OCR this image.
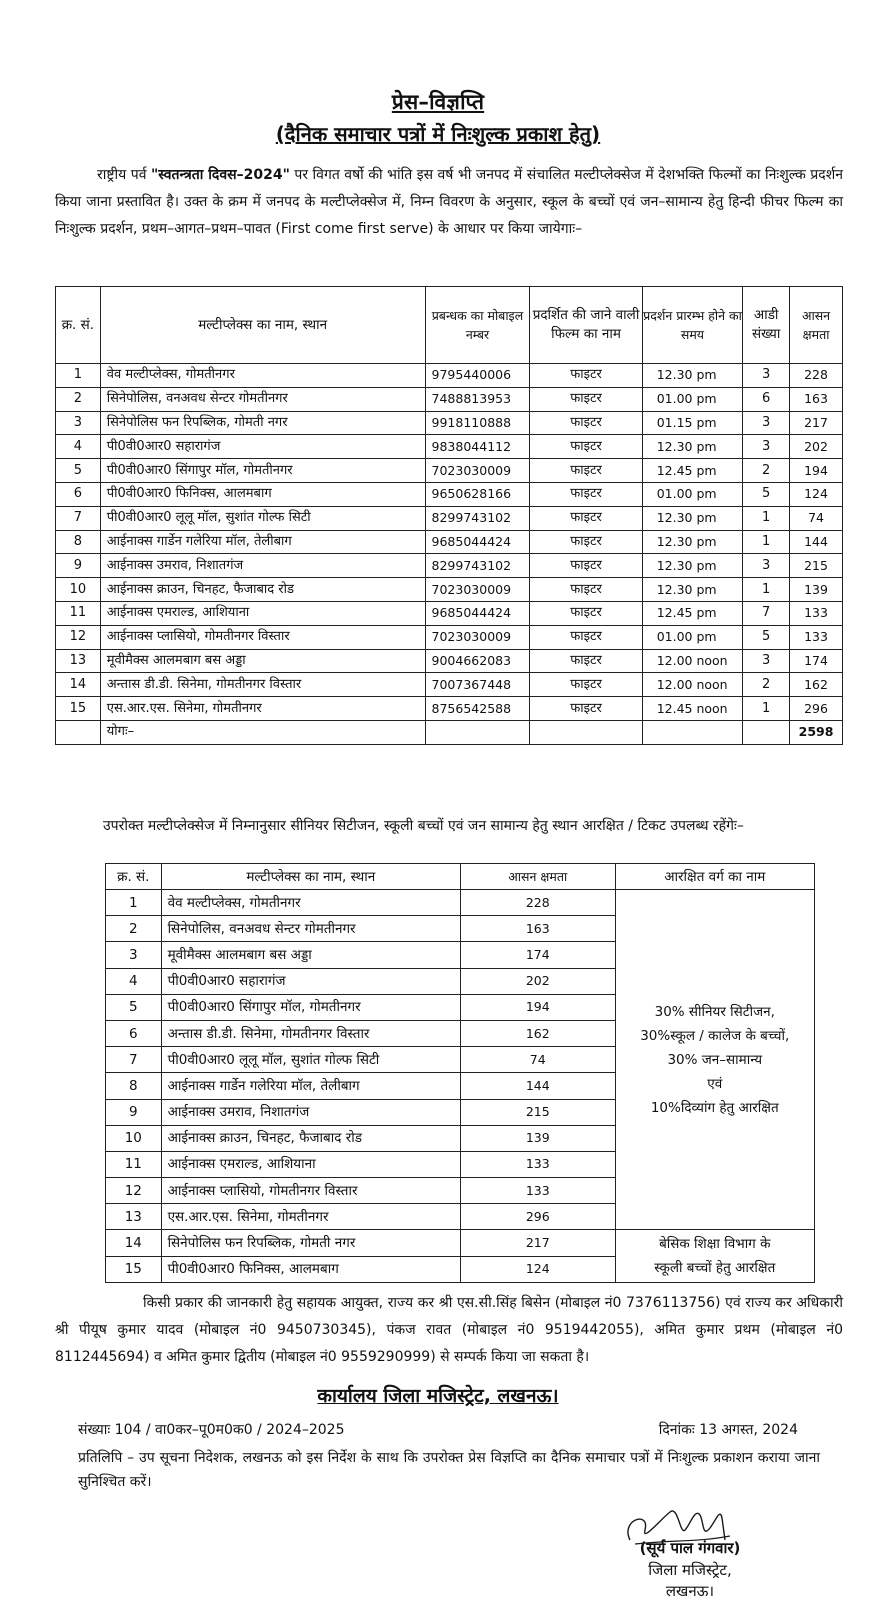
प्रेस–विज्ञप्ति
(दैनिक समाचार पत्रों में निःशुल्क प्रकाश हेतु)
राष्ट्रीय पर्व "स्वतन्त्रता दिवस–2024" पर विगत वर्षो की भांति इस वर्ष भी जनपद में संचालित मल्टीप्लेक्सेज में देशभक्ति फिल्मों का निःशुल्क प्रदर्शन किया जाना प्रस्तावित है। उक्त के क्रम में जनपद के मल्टीप्लेक्सेज में, निम्न विवरण के अनुसार, स्कूल के बच्चों एवं जन–सामान्य हेतु हिन्दी फीचर फिल्म का निःशुल्क प्रदर्शन, प्रथम–आगत–प्रथम–पावत (First come first serve) के आधार पर किया जायेगाः–
क्र. सं.	मल्टीप्लेक्स का नाम, स्थान	प्रबन्धक का मोबाइल नम्बर	प्रदर्शित की जाने वाली फिल्म का नाम	प्रदर्शन प्रारम्भ होने का समय	आडी संख्या	आसन क्षमता
1	वेव मल्टीप्लेक्स, गोमतीनगर	9795440006	फाइटर	12.30 pm	3	228
2	सिनेपोलिस, वनअवध सेन्टर गोमतीनगर	7488813953	फाइटर	01.00 pm	6	163
3	सिनेपोलिस फन रिपब्लिक, गोमती नगर	9918110888	फाइटर	01.15 pm	3	217
4	पी0वी0आर0 सहारागंज	9838044112	फाइटर	12.30 pm	3	202
5	पी0वी0आर0 सिंगापुर मॉल, गोमतीनगर	7023030009	फाइटर	12.45 pm	2	194
6	पी0वी0आर0 फिनिक्स, आलमबाग	9650628166	फाइटर	01.00 pm	5	124
7	पी0वी0आर0 लूलू मॉल, सुशांत गोल्फ सिटी	8299743102	फाइटर	12.30 pm	1	74
8	आईनाक्स गार्डेन गलेरिया मॉल, तेलीबाग	9685044424	फाइटर	12.30 pm	1	144
9	आईनाक्स उमराव, निशातगंज	8299743102	फाइटर	12.30 pm	3	215
10	आईनाक्स क्राउन, चिनहट, फैजाबाद रोड	7023030009	फाइटर	12.30 pm	1	139
11	आईनाक्स एमराल्ड, आशियाना	9685044424	फाइटर	12.45 pm	7	133
12	आईनाक्स प्लासियो, गोमतीनगर विस्तार	7023030009	फाइटर	01.00 pm	5	133
13	मूवीमैक्स आलमबाग बस अड्डा	9004662083	फाइटर	12.00 noon	3	174
14	अन्तास डी.डी. सिनेमा, गोमतीनगर विस्तार	7007367448	फाइटर	12.00 noon	2	162
15	एस.आर.एस. सिनेमा, गोमतीनगर	8756542588	फाइटर	12.45 noon	1	296
	योगः–					2598
उपरोक्त मल्टीप्लेक्सेज में निम्नानुसार सीनियर सिटीजन, स्कूली बच्चों एवं जन सामान्य हेतु स्थान आरक्षित / टिकट उपलब्ध रहेंगेः–
क्र. सं.	मल्टीप्लेक्स का नाम, स्थान	आसन क्षमता	आरक्षित वर्ग का नाम
1	वेव मल्टीप्लेक्स, गोमतीनगर	228	30% सीनियर सिटीजन,
30%स्कूल / कालेज के बच्चों,
30% जन–सामान्य
एवं
10%दिव्यांग हेतु आरक्षित

2	सिनेपोलिस, वनअवध सेन्टर गोमतीनगर	163	
3	मूवीमैक्स आलमबाग बस अड्डा	174	
4	पी0वी0आर0 सहारागंज	202	
5	पी0वी0आर0 सिंगापुर मॉल, गोमतीनगर	194	
6	अन्तास डी.डी. सिनेमा, गोमतीनगर विस्तार	162	
7	पी0वी0आर0 लूलू मॉल, सुशांत गोल्फ सिटी	74	
8	आईनाक्स गार्डेन गलेरिया मॉल, तेलीबाग	144	
9	आईनाक्स उमराव, निशातगंज	215	
10	आईनाक्स क्राउन, चिनहट, फैजाबाद रोड	139	
11	आईनाक्स एमराल्ड, आशियाना	133	
12	आईनाक्स प्लासियो, गोमतीनगर विस्तार	133	
13	एस.आर.एस. सिनेमा, गोमतीनगर	296	
14	सिनेपोलिस फन रिपब्लिक, गोमती नगर	217	बेसिक शिक्षा विभाग के
स्कूली बच्चों हेतु आरक्षित

15	पी0वी0आर0 फिनिक्स, आलमबाग	124	
किसी प्रकार की जानकारी हेतु सहायक आयुक्त, राज्य कर श्री एस.सी.सिंह बिसेन (मोबाइल नं0 7376113756) एवं राज्य कर अधिकारी श्री पीयूष कुमार यादव (मोबाइल नं0 9450730345), पंकज रावत (मोबाइल नं0 9519442055), अमित कुमार प्रथम (मोबाइल नं0 8112445694) व अमित कुमार द्वितीय (मोबाइल नं0 9559290999) से सम्पर्क किया जा सकता है।
कार्यालय जिला मजिस्ट्रेट, लखनऊ।
संख्याः 104 / वा0कर–पू0म0क0 / 2024–2025	दिनांकः 13 अगस्त, 2024
प्रतिलिपि – उप सूचना निदेशक, लखनऊ को इस निर्देश के साथ कि उपरोक्त प्रेस विज्ञप्ति का दैनिक समाचार पत्रों में निःशुल्क प्रकाशन कराया जाना सुनिश्चित करें।
(सूर्य पाल गंगवार)
जिला मजिस्ट्रेट,
लखनऊ।
